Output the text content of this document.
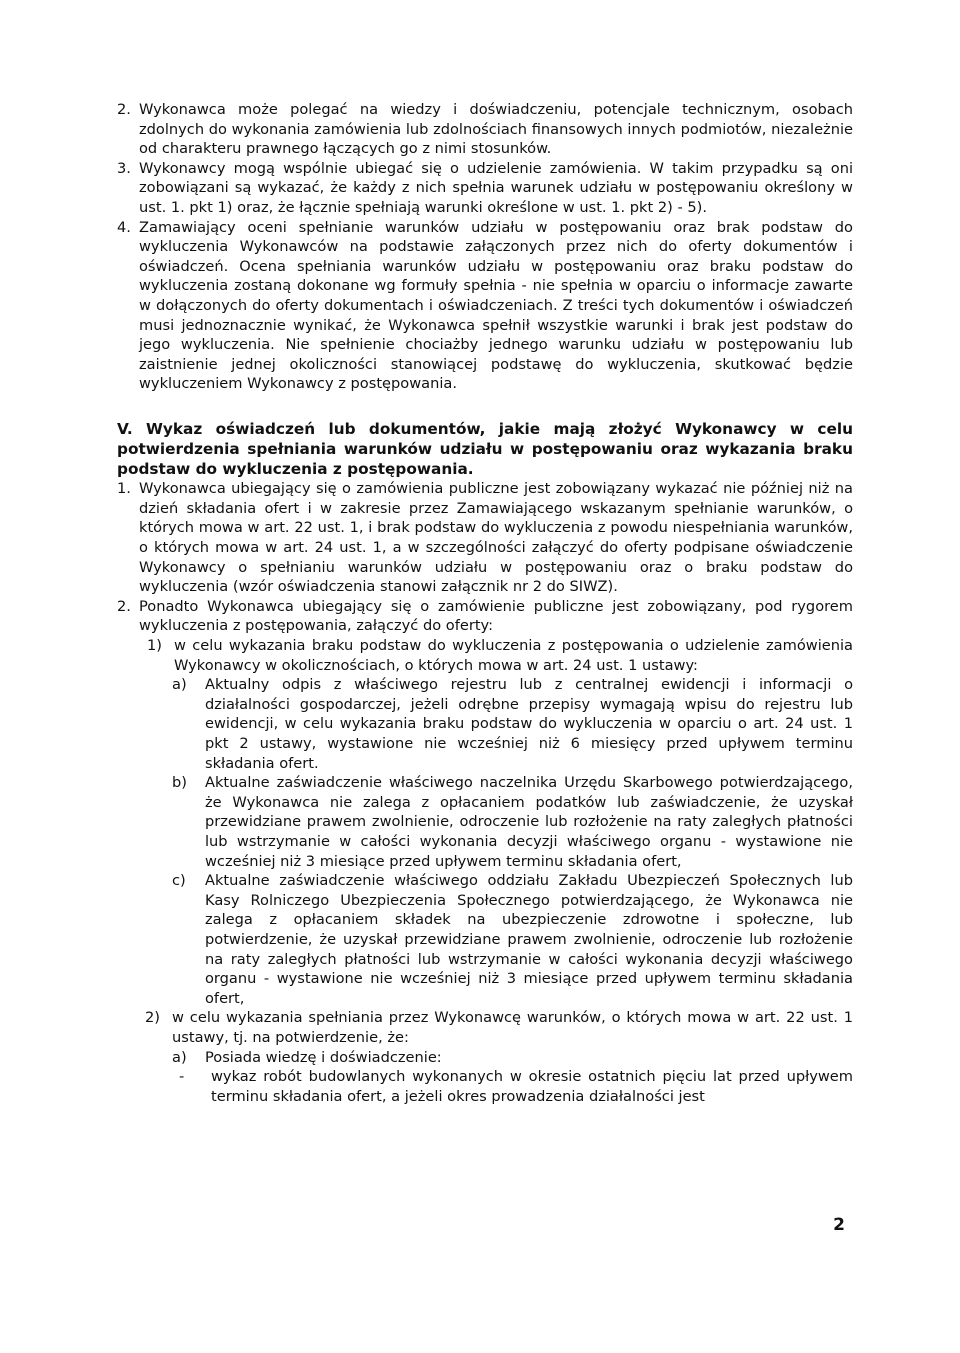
2. Wykonawca może polegać na wiedzy i doświadczeniu, potencjale technicznym, osobach zdolnych do wykonania zamówienia lub zdolnościach finansowych innych podmiotów, niezależnie od charakteru prawnego łączących go z nimi stosunków.
3. Wykonawcy mogą wspólnie ubiegać się o udzielenie zamówienia. W takim przypadku są oni zobowiązani są wykazać, że każdy z nich spełnia warunek udziału w postępowaniu określony w ust. 1. pkt 1) oraz, że łącznie spełniają warunki określone w ust. 1. pkt 2) - 5).
4. Zamawiający oceni spełnianie warunków udziału w postępowaniu oraz brak podstaw do wykluczenia Wykonawców na podstawie załączonych przez nich do oferty dokumentów i oświadczeń. Ocena spełniania warunków udziału w postępowaniu oraz braku podstaw do wykluczenia zostaną dokonane wg formuły spełnia - nie spełnia w oparciu o informacje zawarte w dołączonych do oferty dokumentach i oświadczeniach. Z treści tych dokumentów i oświadczeń musi jednoznacznie wynikać, że Wykonawca spełnił wszystkie warunki i brak jest podstaw do jego wykluczenia. Nie spełnienie chociażby jednego warunku udziału w postępowaniu lub zaistnienie jednej okoliczności stanowiącej podstawę do wykluczenia, skutkować będzie wykluczeniem Wykonawcy z postępowania.
V. Wykaz oświadczeń lub dokumentów, jakie mają złożyć Wykonawcy w celu potwierdzenia spełniania warunków udziału w postępowaniu oraz wykazania braku podstaw do wykluczenia z postępowania.
1. Wykonawca ubiegający się o zamówienia publiczne jest zobowiązany wykazać nie później niż na dzień składania ofert i w zakresie przez Zamawiającego wskazanym spełnianie warunków, o których mowa w art. 22 ust. 1, i brak podstaw do wykluczenia z powodu niespełniania warunków, o których mowa w art. 24 ust. 1, a w szczególności załączyć do oferty podpisane oświadczenie Wykonawcy o spełnianiu warunków udziału w postępowaniu oraz o braku podstaw do wykluczenia (wzór oświadczenia stanowi załącznik nr 2 do SIWZ).
2. Ponadto Wykonawca ubiegający się o zamówienie publiczne jest zobowiązany, pod rygorem wykluczenia z postępowania, załączyć do oferty:
1) w celu wykazania braku podstaw do wykluczenia z postępowania o udzielenie zamówienia Wykonawcy w okolicznościach, o których mowa w art. 24 ust. 1 ustawy:
a) Aktualny odpis z właściwego rejestru lub z centralnej ewidencji i informacji o działalności gospodarczej, jeżeli odrębne przepisy wymagają wpisu do rejestru lub ewidencji, w celu wykazania braku podstaw do wykluczenia w oparciu o art. 24 ust. 1 pkt 2 ustawy, wystawione nie wcześniej niż 6 miesięcy przed upływem terminu składania ofert.
b) Aktualne zaświadczenie właściwego naczelnika Urzędu Skarbowego potwierdzającego, że Wykonawca nie zalega z opłacaniem podatków lub zaświadczenie, że uzyskał przewidziane prawem zwolnienie, odroczenie lub rozłożenie na raty zaległych płatności lub wstrzymanie w całości wykonania decyzji właściwego organu - wystawione nie wcześniej niż 3 miesiące przed upływem terminu składania ofert,
c) Aktualne zaświadczenie właściwego oddziału Zakładu Ubezpieczeń Społecznych lub Kasy Rolniczego Ubezpieczenia Społecznego potwierdzającego, że Wykonawca nie zalega z opłacaniem składek na ubezpieczenie zdrowotne i społeczne, lub potwierdzenie, że uzyskał przewidziane prawem zwolnienie, odroczenie lub rozłożenie na raty zaległych płatności lub wstrzymanie w całości wykonania decyzji właściwego organu - wystawione nie wcześniej niż 3 miesiące przed upływem terminu składania ofert,
2) w celu wykazania spełniania przez Wykonawcę warunków, o których mowa w art. 22 ust. 1 ustawy, tj. na potwierdzenie, że:
a) Posiada wiedzę i doświadczenie:
- wykaz robót budowlanych wykonanych w okresie ostatnich pięciu lat przed upływem terminu składania ofert, a jeżeli okres prowadzenia działalności jest
2
